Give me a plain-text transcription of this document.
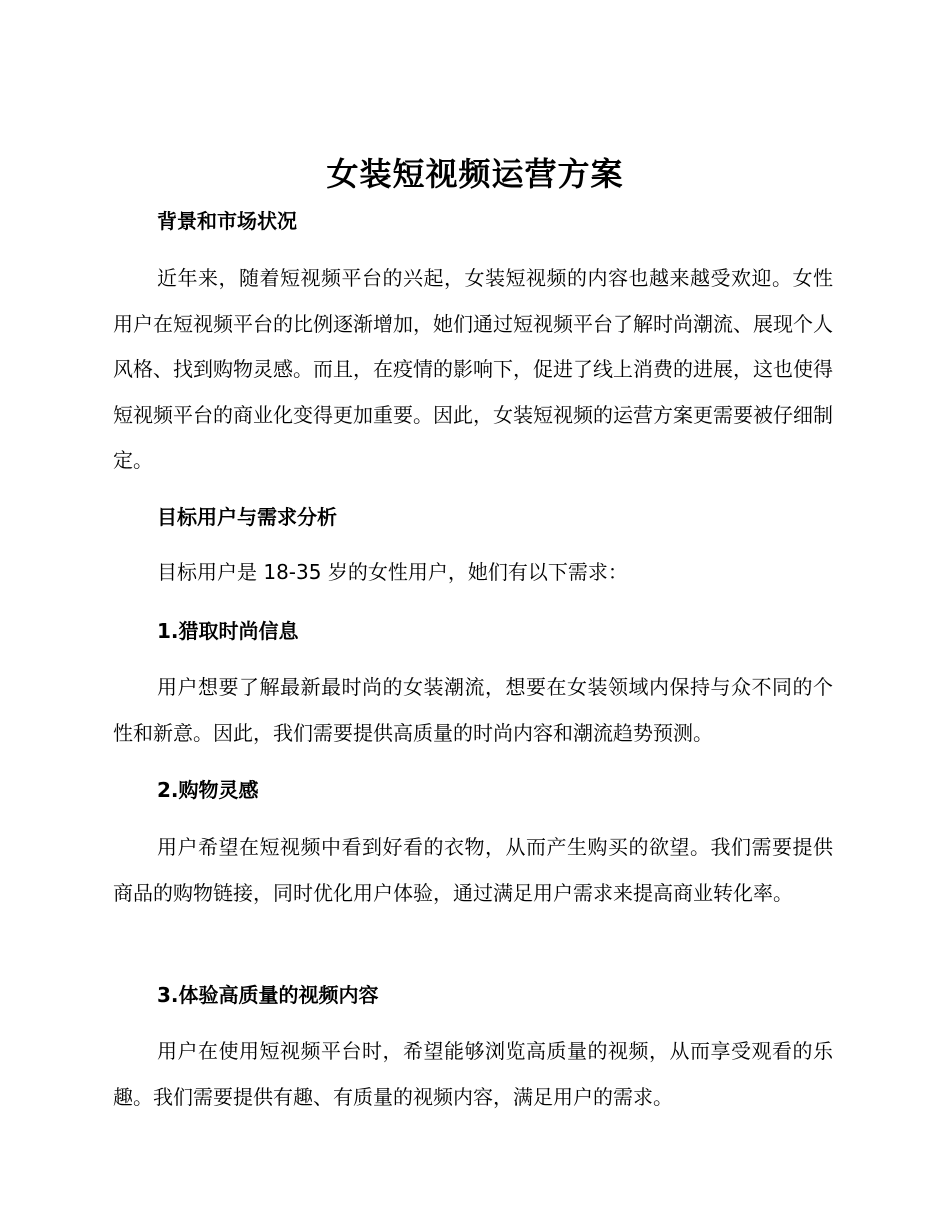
女装短视频运营方案
背景和市场状况

近年来，随着短视频平台的兴起，女装短视频的内容也越来越受欢迎。女性用户在短视频平台的比例逐渐增加，她们通过短视频平台了解时尚潮流、展现个人风格、找到购物灵感。而且，在疫情的影响下，促进了线上消费的进展，这也使得短视频平台的商业化变得更加重要。因此，女装短视频的运营方案更需要被仔细制定。

目标用户与需求分析

目标用户是 18-35 岁的女性用户，她们有以下需求：

1.猎取时尚信息

用户想要了解最新最时尚的女装潮流，想要在女装领域内保持与众不同的个性和新意。因此，我们需要提供高质量的时尚内容和潮流趋势预测。

2.购物灵感

用户希望在短视频中看到好看的衣物，从而产生购买的欲望。我们需要提供商品的购物链接，同时优化用户体验，通过满足用户需求来提高商业转化率。

3.体验高质量的视频内容

用户在使用短视频平台时，希望能够浏览高质量的视频，从而享受观看的乐趣。我们需要提供有趣、有质量的视频内容，满足用户的需求。
